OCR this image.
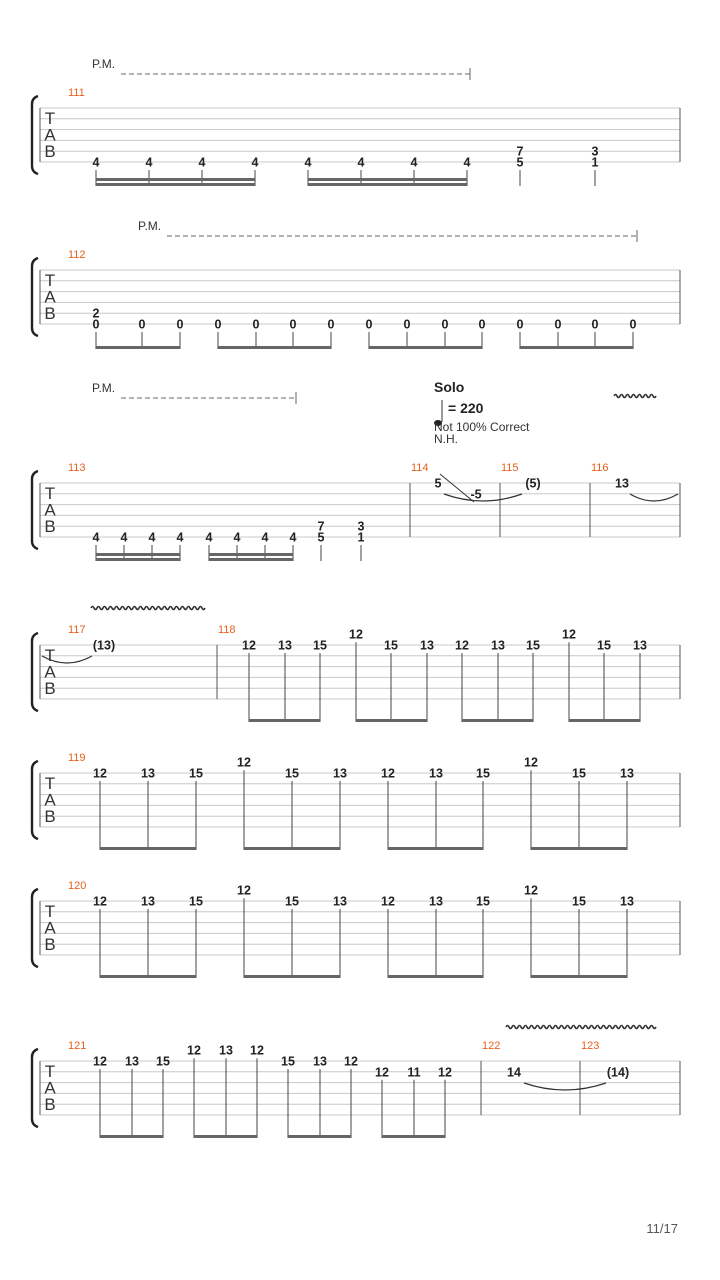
T
A
B
111
4	4	4	4	4	4	4	4
7
5
3
1
T
A
B
112
2
0	0 0 0 0 0 0 0 0 0 0 0 0 0 0
T
A
B
113
4 4 4 4 4 4 4 4
7
5
3
1
114
5
-5
115
(5)
116
13
T
A
B
117
(13)
118
12 13 15
12
15 13 12 13 15
12
15 13
T
A
B
119
12	13	15
12
15	13	12	13	15
12
15	13
T
A
B
120
12	13	15
12
15	13	12	13	15
12
15	13
T
A
B
121
12 13 15
12 13 12
15 13 12
12 11 12
122
14
123
(14)
P.M.
P.M.
P.M.	Solo
= 220
Not 100% Correct
N.H.
11/17
